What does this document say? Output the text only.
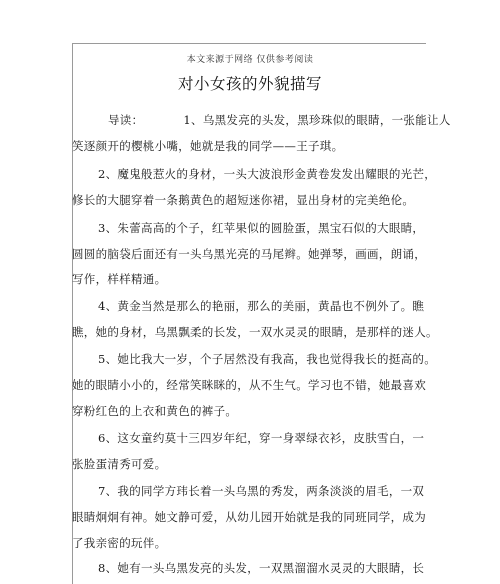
本文来源于网络 仅供参考阅读
对小女孩的外貌描写
导读：	1、乌黑发亮的头发，黑珍珠似的眼睛，一张能让人
笑逐颜开的樱桃小嘴，她就是我的同学——王子琪。
2、魔鬼般惹火的身材，一头大波浪形金黄卷发发出耀眼的光芒，
修长的大腿穿着一条鹅黄色的超短迷你裙，显出身材的完美绝伦。
3、朱蕾高高的个子，红苹果似的圆脸蛋，黑宝石似的大眼睛，
圆圆的脑袋后面还有一头乌黑光亮的马尾辫。她弹琴，画画，朗诵，
写作，样样精通。
4、黄金当然是那么的艳丽，那么的美丽，黄晶也不例外了。瞧
瞧，她的身材，乌黑飘柔的长发，一双水灵灵的眼睛，是那样的迷人。
5、她比我大一岁，个子居然没有我高，我也觉得我长的挺高的。
她的眼睛小小的，经常笑眯眯的，从不生气。学习也不错，她最喜欢
穿粉红色的上衣和黄色的裤子。
6、这女童约莫十三四岁年纪，穿一身翠绿衣衫，皮肤雪白，一
张脸蛋清秀可爱。
7、我的同学方玮长着一头乌黑的秀发，两条淡淡的眉毛，一双
眼睛炯炯有神。她文静可爱，从幼儿园开始就是我的同班同学，成为
了我亲密的玩伴。
8、她有一头乌黑发亮的头发，一双黑溜溜水灵灵的大眼睛，长
